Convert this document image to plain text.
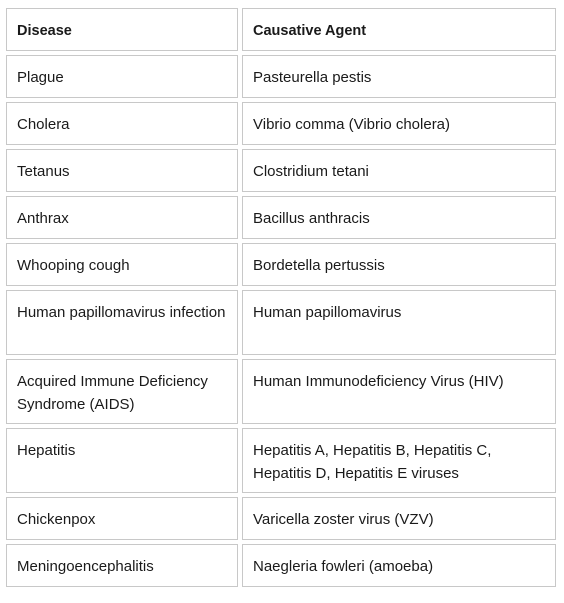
Disease	Causative Agent
Plague	Pasteurella pestis
Cholera	Vibrio comma (Vibrio cholera)
Tetanus	Clostridium tetani
Anthrax	Bacillus anthracis
Whooping cough	Bordetella pertussis
Human papillomavirus infection	Human papillomavirus
Acquired Immune Deficiency Syndrome (AIDS)	Human Immunodeficiency Virus (HIV)
Hepatitis	Hepatitis A, Hepatitis B, Hepatitis C, Hepatitis D, Hepatitis E viruses
Chickenpox	Varicella zoster virus (VZV)
Meningoencephalitis	Naegleria fowleri (amoeba)
